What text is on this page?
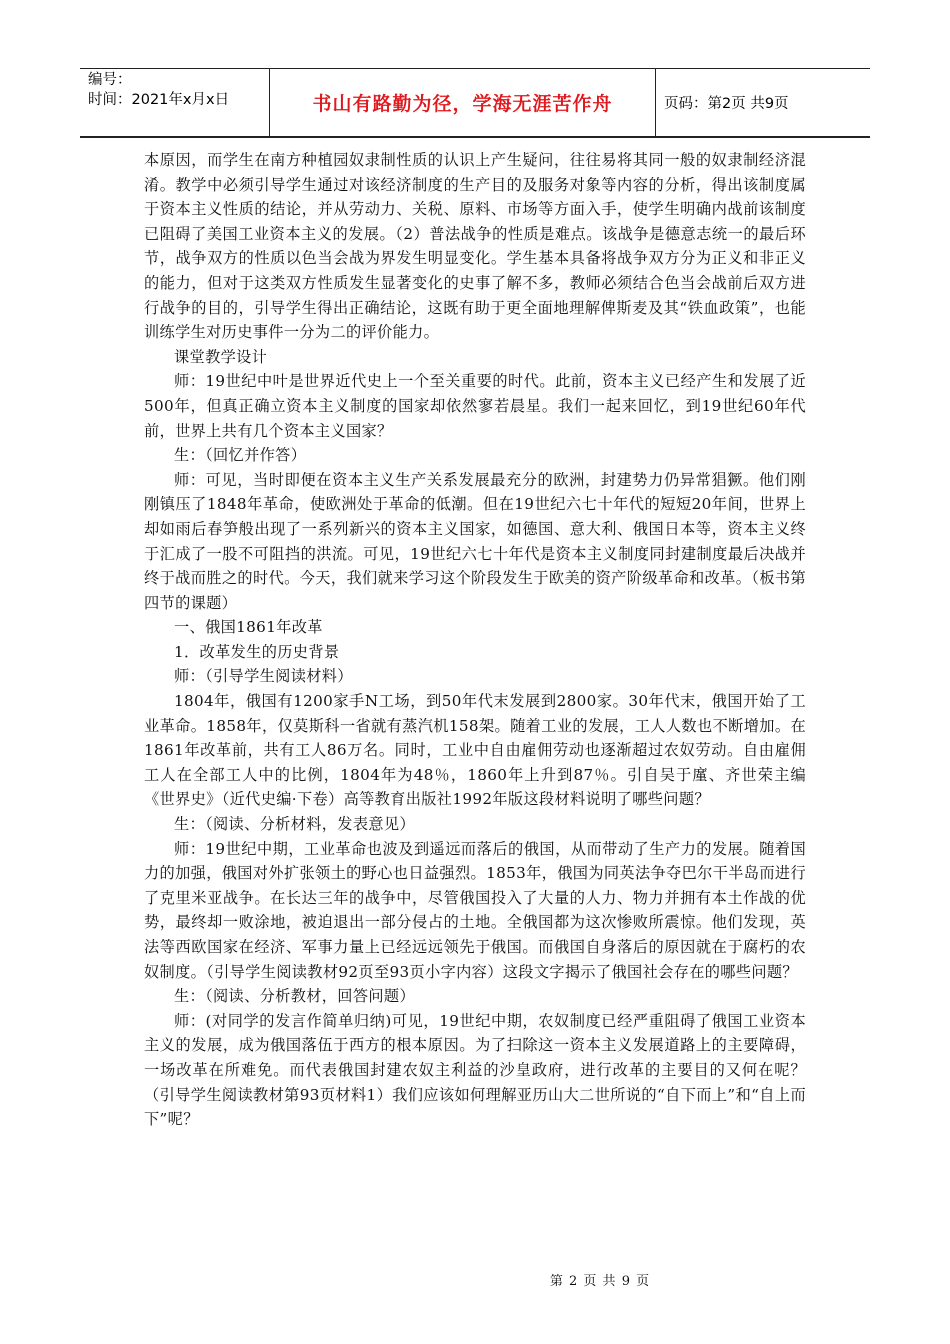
编号：
时间：2021年x月x日	书山有路勤为径，学海无涯苦作舟	页码：第2页 共9页

本原因，而学生在南方种植园奴隶制性质的认识上产生疑问，往往易将其同一般的奴隶制经济混淆。教学中必须引导学生通过对该经济制度的生产目的及服务对象等内容的分析，得出该制度属于资本主义性质的结论，并从劳动力、关税、原料、市场等方面入手，使学生明确内战前该制度已阻碍了美国工业资本主义的发展。（2）普法战争的性质是难点。该战争是德意志统一的最后环节，战争双方的性质以色当会战为界发生明显变化。学生基本具备将战争双方分为正义和非正义的能力，但对于这类双方性质发生显著变化的史事了解不多，教师必须结合色当会战前后双方进行战争的目的，引导学生得出正确结论，这既有助于更全面地理解俾斯麦及其“铁血政策”，也能训练学生对历史事件一分为二的评价能力。

课堂教学设计

师：19世纪中叶是世界近代史上一个至关重要的时代。此前，资本主义已经产生和发展了近500年，但真正确立资本主义制度的国家却依然寥若晨星。我们一起来回忆，到19世纪60年代前，世界上共有几个资本主义国家？

生：（回忆并作答）

师：可见，当时即便在资本主义生产关系发展最充分的欧洲，封建势力仍异常猖獗。他们刚刚镇压了1848年革命，使欧洲处于革命的低潮。但在19世纪六七十年代的短短20年间，世界上却如雨后春笋般出现了一系列新兴的资本主义国家，如德国、意大利、俄国日本等，资本主义终于汇成了一股不可阻挡的洪流。可见，19世纪六七十年代是资本主义制度同封建制度最后决战并终于战而胜之的时代。今天，我们就来学习这个阶段发生于欧美的资产阶级革命和改革。（板书第四节的课题）

一、俄国1861年改革

1．改革发生的历史背景

师：（引导学生阅读材料）

1804年，俄国有1200家手N工场，到50年代末发展到2800家。30年代末，俄国开始了工业革命。1858年，仅莫斯科一省就有蒸汽机158架。随着工业的发展，工人人数也不断增加。在1861年改革前，共有工人86万名。同时，工业中自由雇佣劳动也逐渐超过农奴劳动。自由雇佣工人在全部工人中的比例，1804年为48％，1860年上升到87％。引自吴于廑、齐世荣主编《世界史》（近代史编·下卷）高等教育出版社1992年版这段材料说明了哪些问题？

生：（阅读、分析材料，发表意见）

师：19世纪中期，工业革命也波及到遥远而落后的俄国，从而带动了生产力的发展。随着国力的加强，俄国对外扩张领土的野心也日益强烈。1853年，俄国为同英法争夺巴尔干半岛而进行了克里米亚战争。在长达三年的战争中，尽管俄国投入了大量的人力、物力并拥有本土作战的优势，最终却一败涂地，被迫退出一部分侵占的土地。全俄国都为这次惨败所震惊。他们发现，英法等西欧国家在经济、军事力量上已经远远领先于俄国。而俄国自身落后的原因就在于腐朽的农奴制度。（引导学生阅读教材92页至93页小字内容）这段文字揭示了俄国社会存在的哪些问题？

生：（阅读、分析教材，回答问题）

师：(对同学的发言作简单归纳)可见，19世纪中期，农奴制度已经严重阻碍了俄国工业资本主义的发展，成为俄国落伍于西方的根本原因。为了扫除这一资本主义发展道路上的主要障碍，一场改革在所难免。而代表俄国封建农奴主利益的沙皇政府，进行改革的主要目的又何在呢？（引导学生阅读教材第93页材料1）我们应该如何理解亚历山大二世所说的“自下而上”和“自上而下”呢？

第 2 页 共 9 页
